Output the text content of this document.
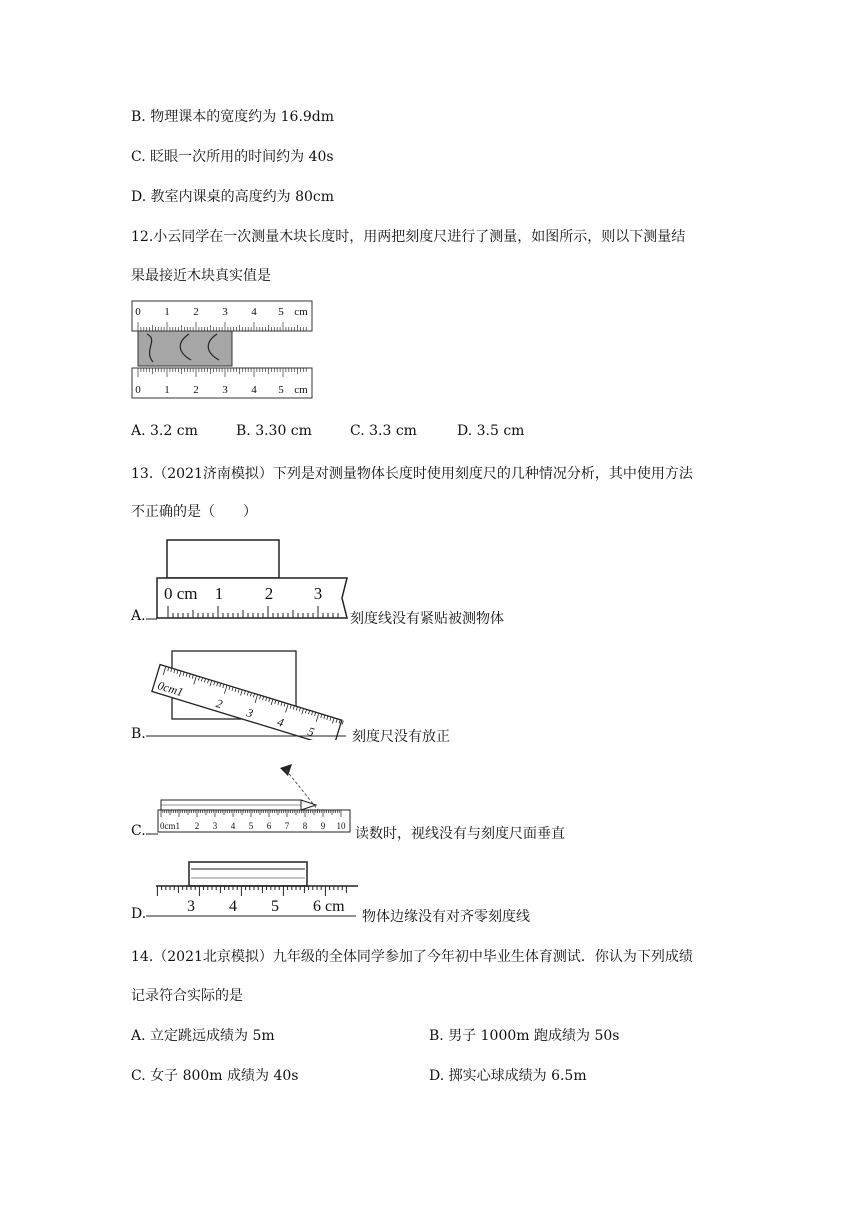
B. 物理课本的宽度约为 16.9dm
C. 眨眼一次所用的时间约为 40s
D. 教室内课桌的高度约为 80cm
12.小云同学在一次测量木块长度时，用两把刻度尺进行了测量，如图所示，则以下测量结
果最接近木块真实值是
0 1 2 3 4 5 cm
0 1 2 3 4 5 cm
A. 3.2 cm	B. 3.30 cm	C. 3.3 cm	D. 3.5 cm
13.（2021济南模拟）下列是对测量物体长度时使用刻度尺的几种情况分析，其中使用方法
不正确的是（　　）
A.
0 cm 1 2 3
刻度线没有紧贴被测物体
B.
0cm1
2
3
4
5	刻度尺没有放正
C. 0cm1 2 3 4 5 6 7 8 9 10 读数时，视线没有与刻度尺面垂直
D.	3 4 5 6 cm
物体边缘没有对齐零刻度线
14.（2021北京模拟）九年级的全体同学参加了今年初中毕业生体育测试．你认为下列成绩
记录符合实际的是
A. 立定跳远成绩为 5m	B. 男子 1000m 跑成绩为 50s
C. 女子 800m 成绩为 40s	D. 掷实心球成绩为 6.5m
